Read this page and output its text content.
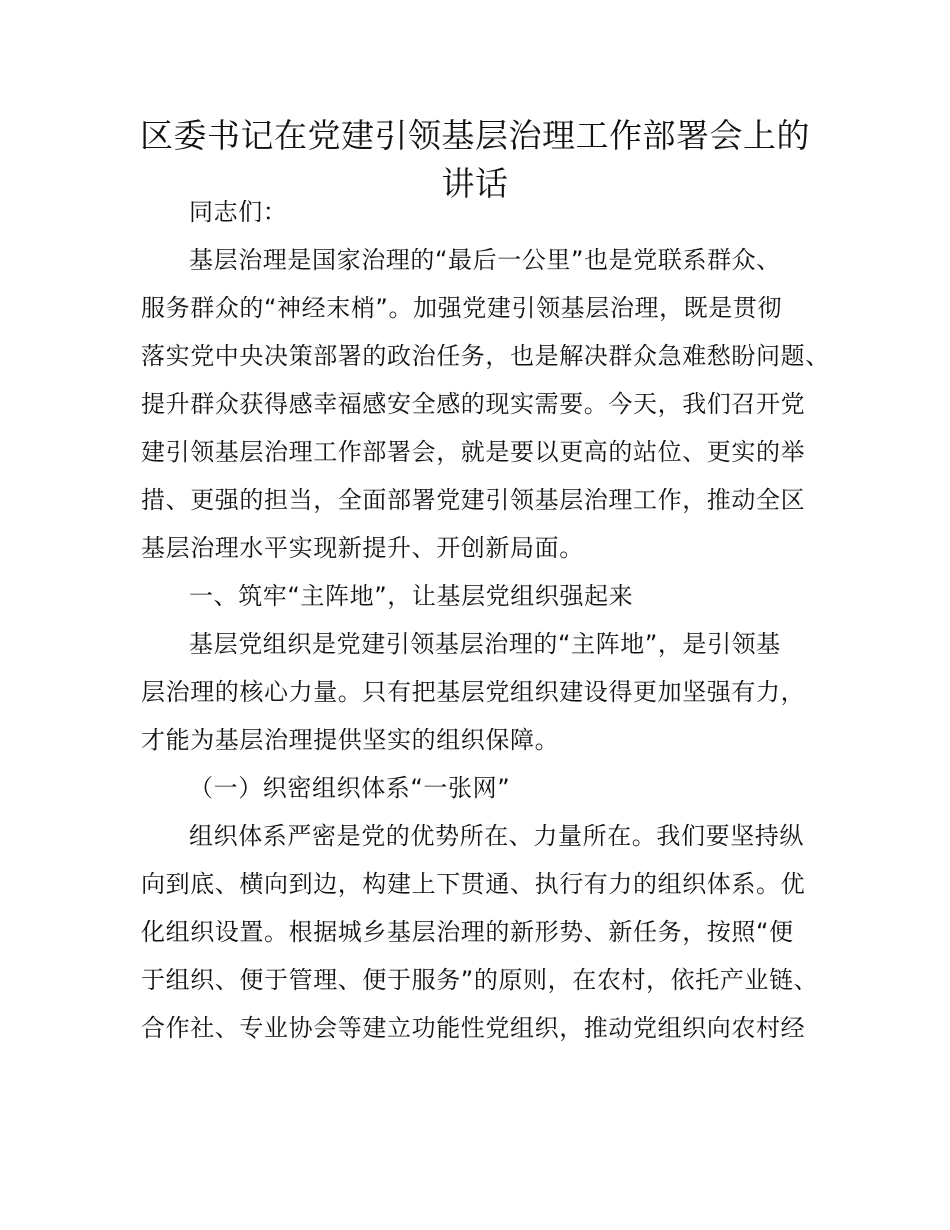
区委书记在党建引领基层治理工作部署会上的
讲话

同志们：

基层治理是国家治理的“最后一公里”也是党联系群众、
服务群众的“神经末梢”。加强党建引领基层治理，既是贯彻
落实党中央决策部署的政治任务，也是解决群众急难愁盼问题、
提升群众获得感幸福感安全感的现实需要。今天，我们召开党
建引领基层治理工作部署会，就是要以更高的站位、更实的举
措、更强的担当，全面部署党建引领基层治理工作，推动全区
基层治理水平实现新提升、开创新局面。

一、筑牢“主阵地”，让基层党组织强起来

基层党组织是党建引领基层治理的“主阵地”，是引领基
层治理的核心力量。只有把基层党组织建设得更加坚强有力，
才能为基层治理提供坚实的组织保障。

（一）织密组织体系“一张网”

组织体系严密是党的优势所在、力量所在。我们要坚持纵
向到底、横向到边，构建上下贯通、执行有力的组织体系。优
化组织设置。根据城乡基层治理的新形势、新任务，按照“便
于组织、便于管理、便于服务”的原则，在农村，依托产业链、
合作社、专业协会等建立功能性党组织，推动党组织向农村经
